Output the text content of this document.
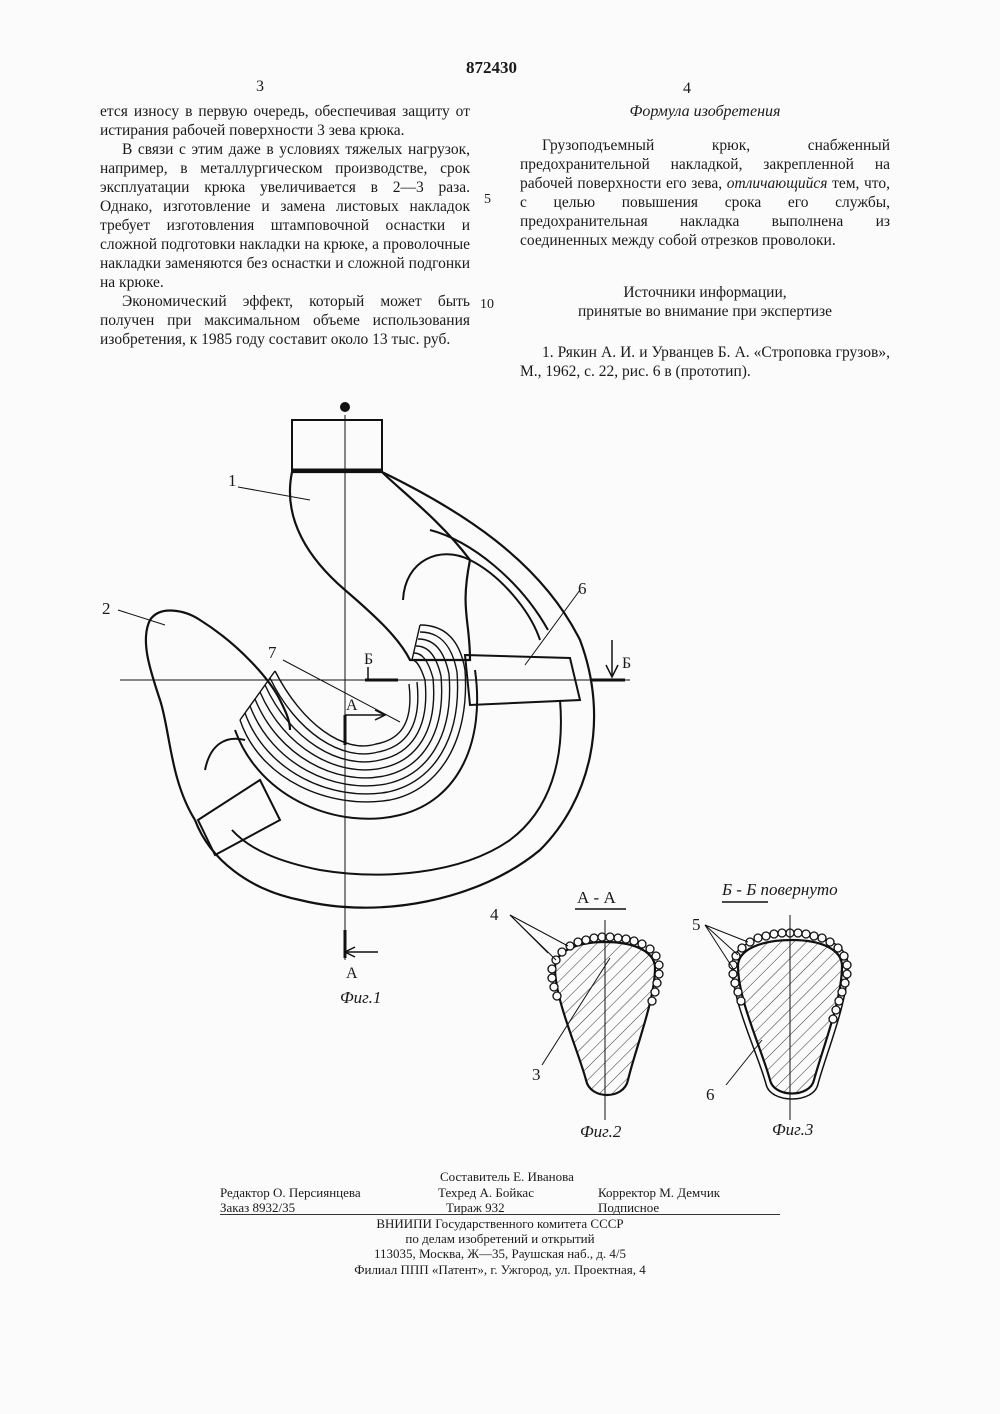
872430
3	4

ется износу в первую очередь, обеспечивая защиту от истирания рабочей поверхности 3 зева крюка.

В связи с этим даже в условиях тяжелых нагрузок, например, в металлургическом производстве, срок эксплуатации крюка увеличивается в 2—3 раза. Однако, изготовление и замена листовых накладок требует изготовления штамповочной оснастки и сложной подготовки накладки на крюке, а проволочные накладки заменяются без оснастки и сложной подгонки на крюке.

Экономический эффект, который может быть получен при максимальном объеме использования изобретения, к 1985 году составит около 13 тыс. руб.

5
10
Формула изобретения

Грузоподъемный крюк, снабженный предохранительной накладкой, закрепленной на рабочей поверхности его зева, отличающийся тем, что, с целью повышения срока его службы, предохранительная накладка выполнена из соединенных между собой отрезков проволоки.

Источники информации,
принятые во внимание при экспертизе

1. Рякин А. И. и Урванцев Б. А. «Строповка грузов», М., 1962, с. 22, рис. 6 в (прототип).

1
2
6
7	Б	Б
А
А
Фиг.1
А - А
4
3
Фиг.2
Б - Б повернуто
5
6
Фиг.3
Составитель Е. Иванова
Редактор О. Персиянцева	Техред А. Бойкас	Корректор М. Демчик
Заказ 8932/35	Тираж 932	Подписное
ВНИИПИ Государственного комитета СССР
по делам изобретений и открытий
113035, Москва, Ж—35, Раушская наб., д. 4/5
Филиал ППП «Патент», г. Ужгород, ул. Проектная, 4
